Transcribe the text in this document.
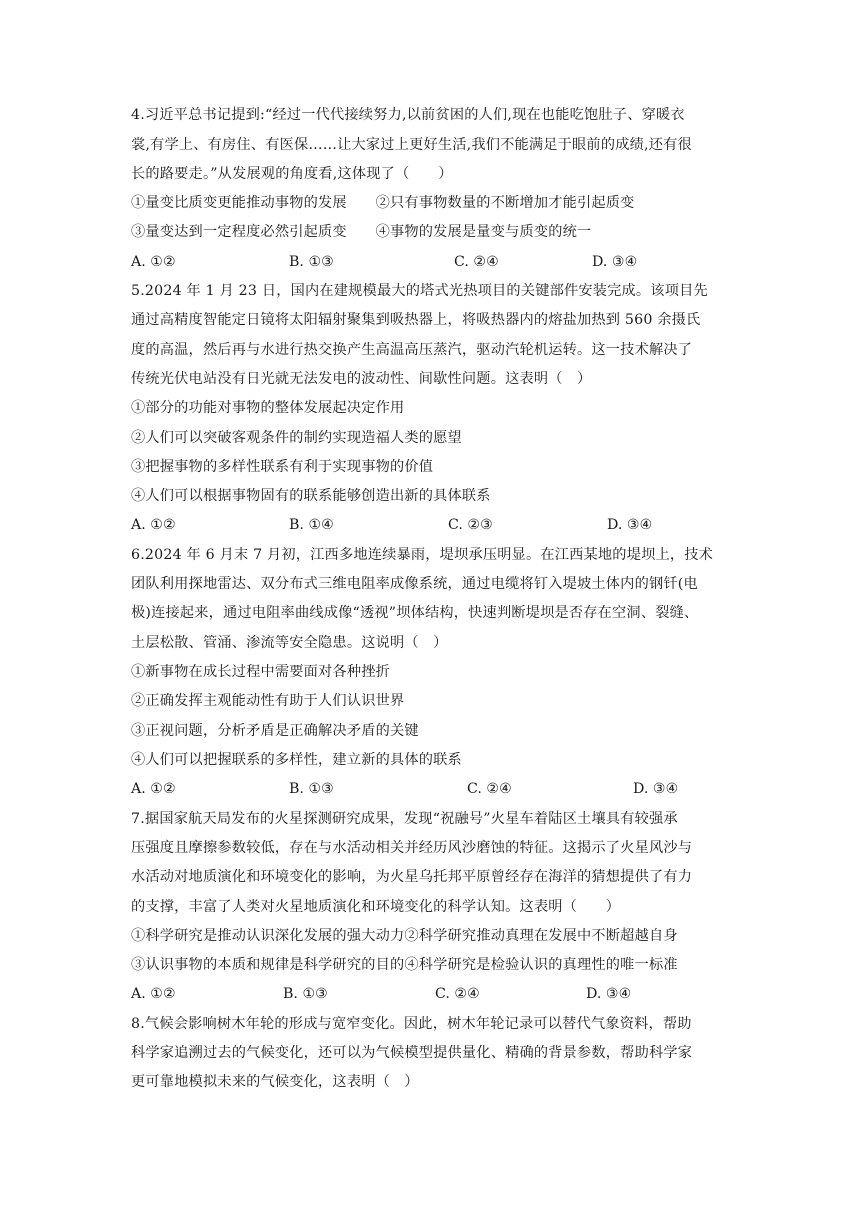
4.习近平总书记提到:“经过一代代接续努力,以前贫困的人们,现在也能吃饱肚子、穿暖衣
裳,有学上、有房住、有医保……让大家过上更好生活,我们不能满足于眼前的成绩,还有很
长的路要走。”从发展观的角度看,这体现了（　　）
①量变比质变更能推动事物的发展　　②只有事物数量的不断增加才能引起质变
③量变达到一定程度必然引起质变　　④事物的发展是量变与质变的统一
A. ①②	B. ①③	C. ②④	D. ③④
5.2024 年 1 月 23 日，国内在建规模最大的塔式光热项目的关键部件安装完成。该项目先
通过高精度智能定日镜将太阳辐射聚集到吸热器上，将吸热器内的熔盐加热到 560 余摄氏
度的高温，然后再与水进行热交换产生高温高压蒸汽，驱动汽轮机运转。这一技术解决了
传统光伏电站没有日光就无法发电的波动性、间歇性问题。这表明（　）
①部分的功能对事物的整体发展起决定作用
②人们可以突破客观条件的制约实现造福人类的愿望
③把握事物的多样性联系有利于实现事物的价值
④人们可以根据事物固有的联系能够创造出新的具体联系
A. ①②	B. ①④	C. ②③	D. ③④
6.2024 年 6 月末 7 月初，江西多地连续暴雨，堤坝承压明显。在江西某地的堤坝上，技术
团队利用探地雷达、双分布式三维电阻率成像系统，通过电缆将钉入堤坡土体内的钢钎(电
极)连接起来，通过电阻率曲线成像“透视”坝体结构，快速判断堤坝是否存在空洞、裂缝、
土层松散、管涌、渗流等安全隐患。这说明（　）
①新事物在成长过程中需要面对各种挫折
②正确发挥主观能动性有助于人们认识世界
③正视问题，分析矛盾是正确解决矛盾的关键
④人们可以把握联系的多样性，建立新的具体的联系
A. ①②	B. ①③	C. ②④	D. ③④
7.据国家航天局发布的火星探测研究成果，发现“祝融号”火星车着陆区土壤具有较强承
压强度且摩擦参数较低，存在与水活动相关并经历风沙磨蚀的特征。这揭示了火星风沙与
水活动对地质演化和环境变化的影响，为火星乌托邦平原曾经存在海洋的猜想提供了有力
的支撑，丰富了人类对火星地质演化和环境变化的科学认知。这表明（　　）
①科学研究是推动认识深化发展的强大动力②科学研究推动真理在发展中不断超越自身
③认识事物的本质和规律是科学研究的目的④科学研究是检验认识的真理性的唯一标准
A. ①②	B. ①③	C. ②④	D. ③④
8.气候会影响树木年轮的形成与宽窄变化。因此，树木年轮记录可以替代气象资料，帮助
科学家追溯过去的气候变化，还可以为气候模型提供量化、精确的背景参数，帮助科学家
更可靠地模拟未来的气候变化，这表明（　）
